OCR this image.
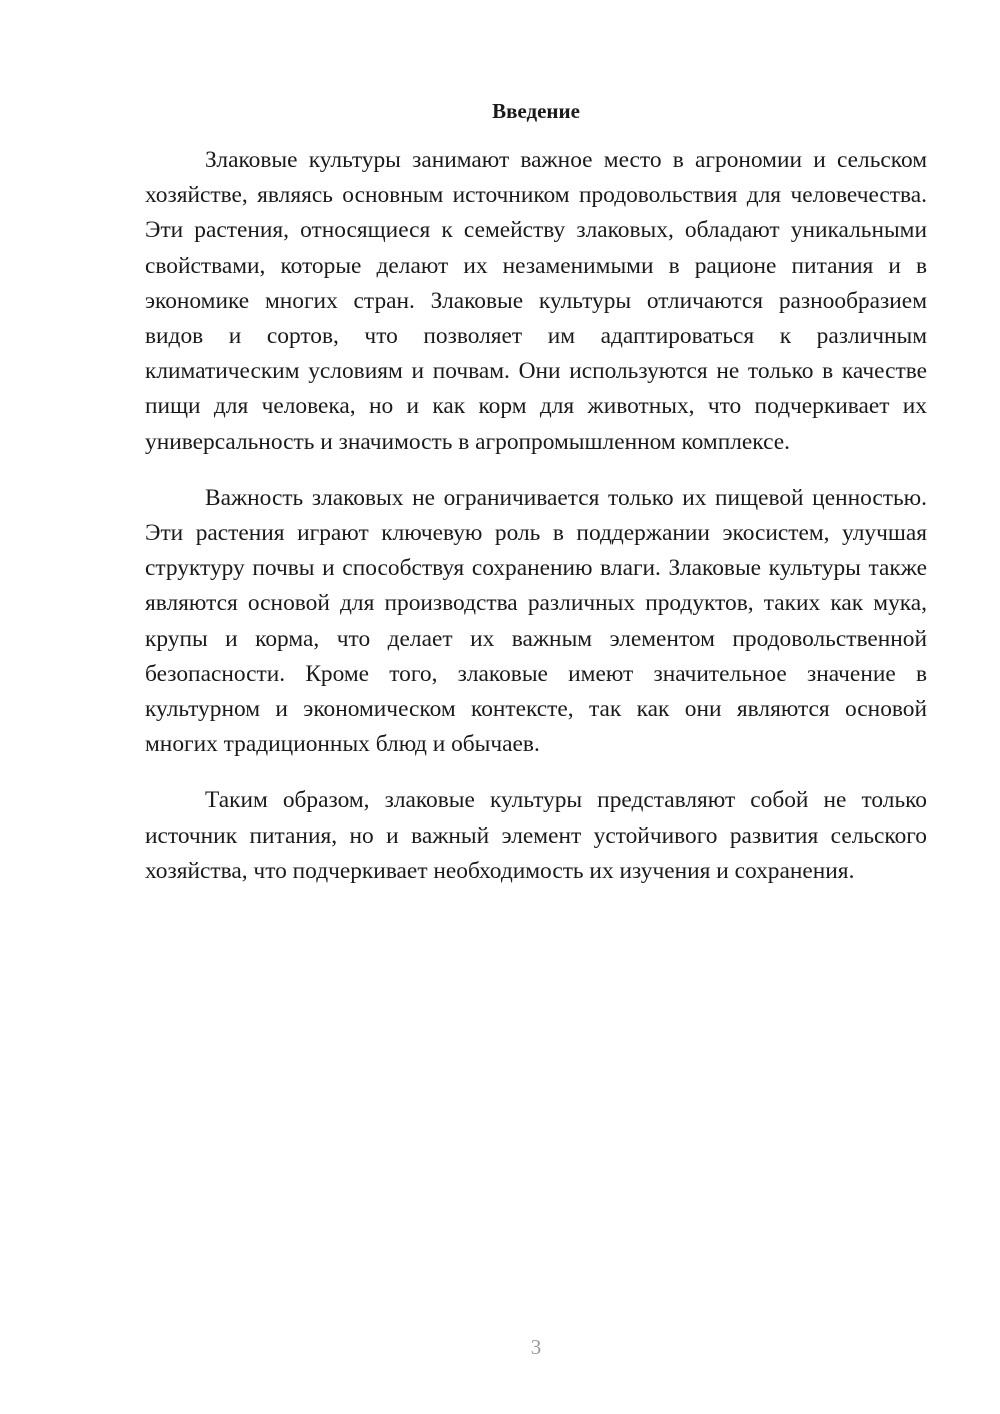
Введение

Злаковые культуры занимают важное место в агрономии и сельском хозяйстве, являясь основным источником продовольствия для человечества. Эти растения, относящиеся к семейству злаковых, обладают уникальными свойствами, которые делают их незаменимыми в рационе питания и в экономике многих стран. Злаковые культуры отличаются разнообразием видов и сортов, что позволяет им адаптироваться к различным климатическим условиям и почвам. Они используются не только в качестве пищи для человека, но и как корм для животных, что подчеркивает их универсальность и значимость в агропромышленном комплексе.

Важность злаковых не ограничивается только их пищевой ценностью. Эти растения играют ключевую роль в поддержании экосистем, улучшая структуру почвы и способствуя сохранению влаги. Злаковые культуры также являются основой для производства различных продуктов, таких как мука, крупы и корма, что делает их важным элементом продовольственной безопасности. Кроме того, злаковые имеют значительное значение в культурном и экономическом контексте, так как они являются основой многих традиционных блюд и обычаев.

Таким образом, злаковые культуры представляют собой не только источник питания, но и важный элемент устойчивого развития сельского хозяйства, что подчеркивает необходимость их изучения и сохранения.

3
